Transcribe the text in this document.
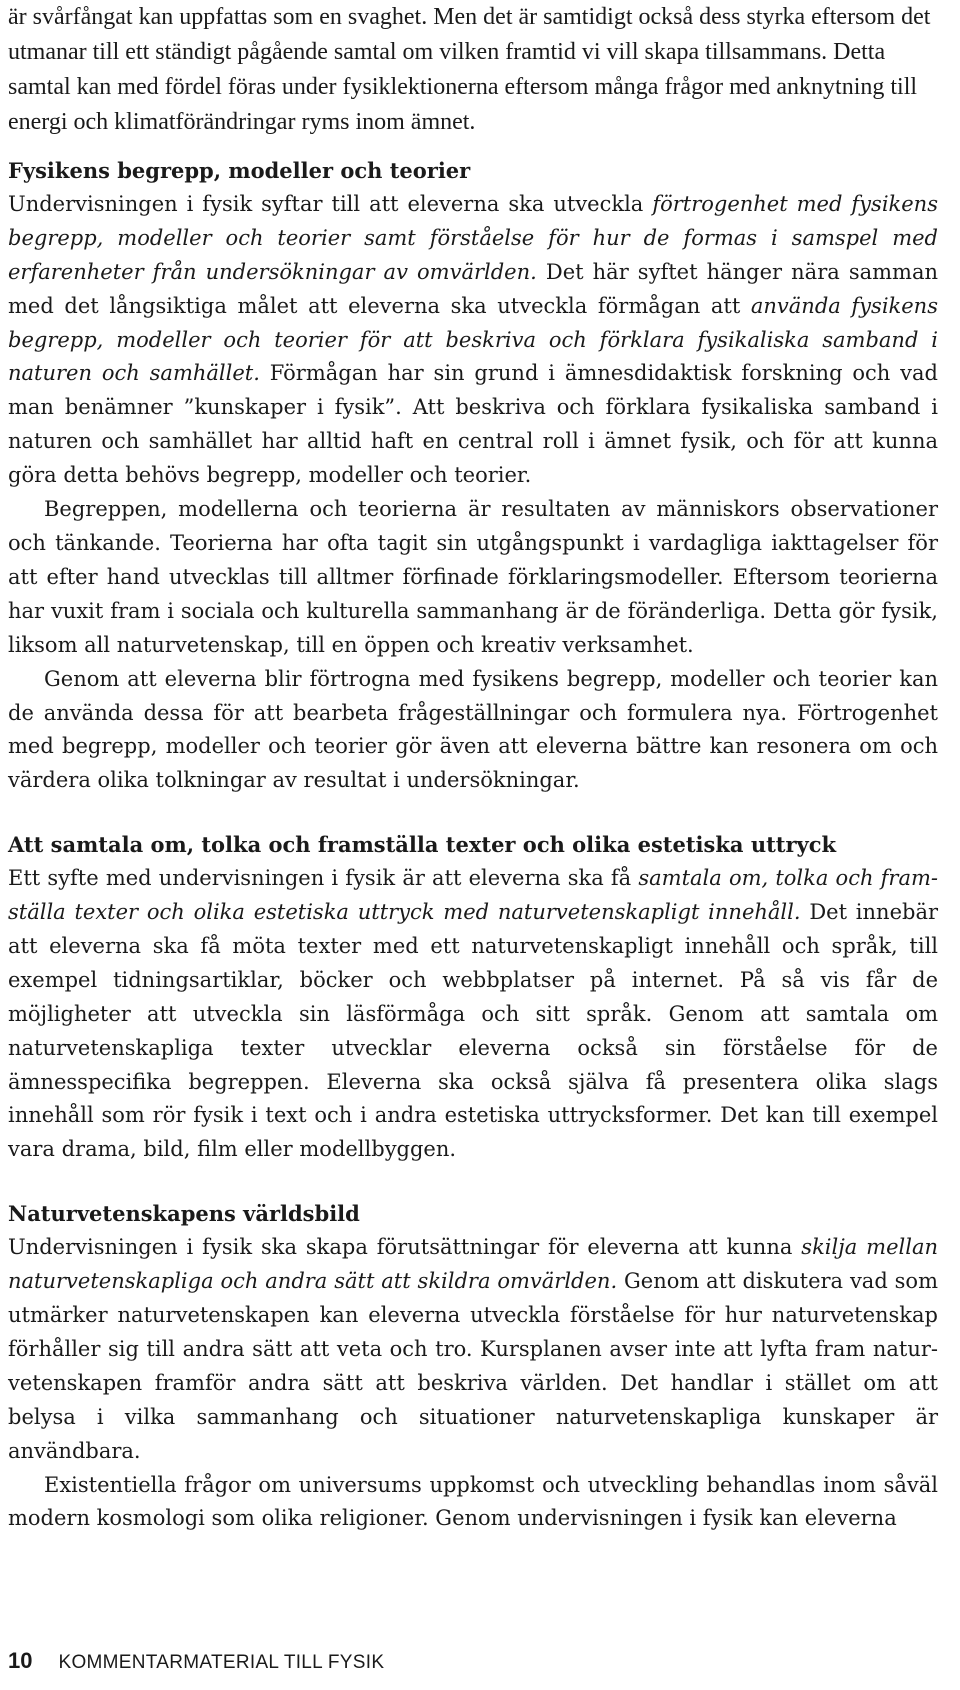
är svårfångat kan uppfattas som en svaghet. Men det är samtidigt också dess styrka eftersom det utmanar till ett ständigt pågående samtal om vilken framtid vi vill skapa tillsammans. Detta samtal kan med fördel föras under fysiklektionerna eftersom många frågor med anknytning till energi och klimatförändringar ryms inom ämnet.

Fysikens begrepp, modeller och teorier

Undervisningen i fysik syftar till att eleverna ska utveckla förtrogenhet med fysikens begrepp, modeller och teorier samt förståelse för hur de formas i samspel med erfarenheter från undersökningar av omvärlden. Det här syftet hänger nära samman med det långsiktiga målet att eleverna ska utveckla förmågan att använda fysikens begrepp, modeller och teorier för att beskriva och förklara fysikaliska samband i naturen och samhället. Förmågan har sin grund i ämnesdidaktisk forskning och vad man benämner ”kunskaper i fysik”. Att beskriva och förklara fysikaliska samband i naturen och samhället har alltid haft en central roll i ämnet fysik, och för att kunna göra detta behövs begrepp, modeller och teorier.

Begreppen, modellerna och teorierna är resultaten av människors observationer och tänkande. Teorierna har ofta tagit sin utgångspunkt i vardagliga iakttagelser för att efter hand utvecklas till alltmer förfinade förklaringsmodeller. Eftersom teorierna har vuxit fram i sociala och kulturella sammanhang är de föränderliga. Detta gör fysik, liksom all naturvetenskap, till en öppen och kreativ verksamhet.

Genom att eleverna blir förtrogna med fysikens begrepp, modeller och teorier kan de använda dessa för att bearbeta frågeställningar och formulera nya. Förtrogenhet med begrepp, modeller och teorier gör även att eleverna bättre kan resonera om och värdera olika tolkningar av resultat i undersökningar.

Att samtala om, tolka och framställa texter och olika estetiska uttryck

Ett syfte med undervisningen i fysik är att eleverna ska få samtala om, tolka och framställa texter och olika estetiska uttryck med naturvetenskapligt innehåll. Det innebär att eleverna ska få möta texter med ett naturvetenskapligt innehåll och språk, till exempel tidningsartiklar, böcker och webbplatser på internet. På så vis får de möjligheter att utveckla sin läsförmåga och sitt språk. Genom att samtala om naturvetenskapliga texter utvecklar eleverna också sin förståelse för de ämnesspecifika begreppen. Eleverna ska också själva få presentera olika slags innehåll som rör fysik i text och i andra estetiska uttrycksformer. Det kan till exempel vara drama, bild, film eller modellbyggen.

Naturvetenskapens världsbild

Undervisningen i fysik ska skapa förutsättningar för eleverna att kunna skilja mellan naturvetenskapliga och andra sätt att skildra omvärlden. Genom att diskutera vad som utmärker naturvetenskapen kan eleverna utveckla förståelse för hur naturvetenskap förhåller sig till andra sätt att veta och tro. Kursplanen avser inte att lyfta fram naturvetenskapen framför andra sätt att beskriva världen. Det handlar i stället om att belysa i vilka sammanhang och situationer naturvetenskapliga kunskaper är användbara.

Existentiella frågor om universums uppkomst och utveckling behandlas inom såväl modern kosmologi som olika religioner. Genom undervisningen i fysik kan eleverna

10 KOMMENTARMATERIAL TILL FYSIK
